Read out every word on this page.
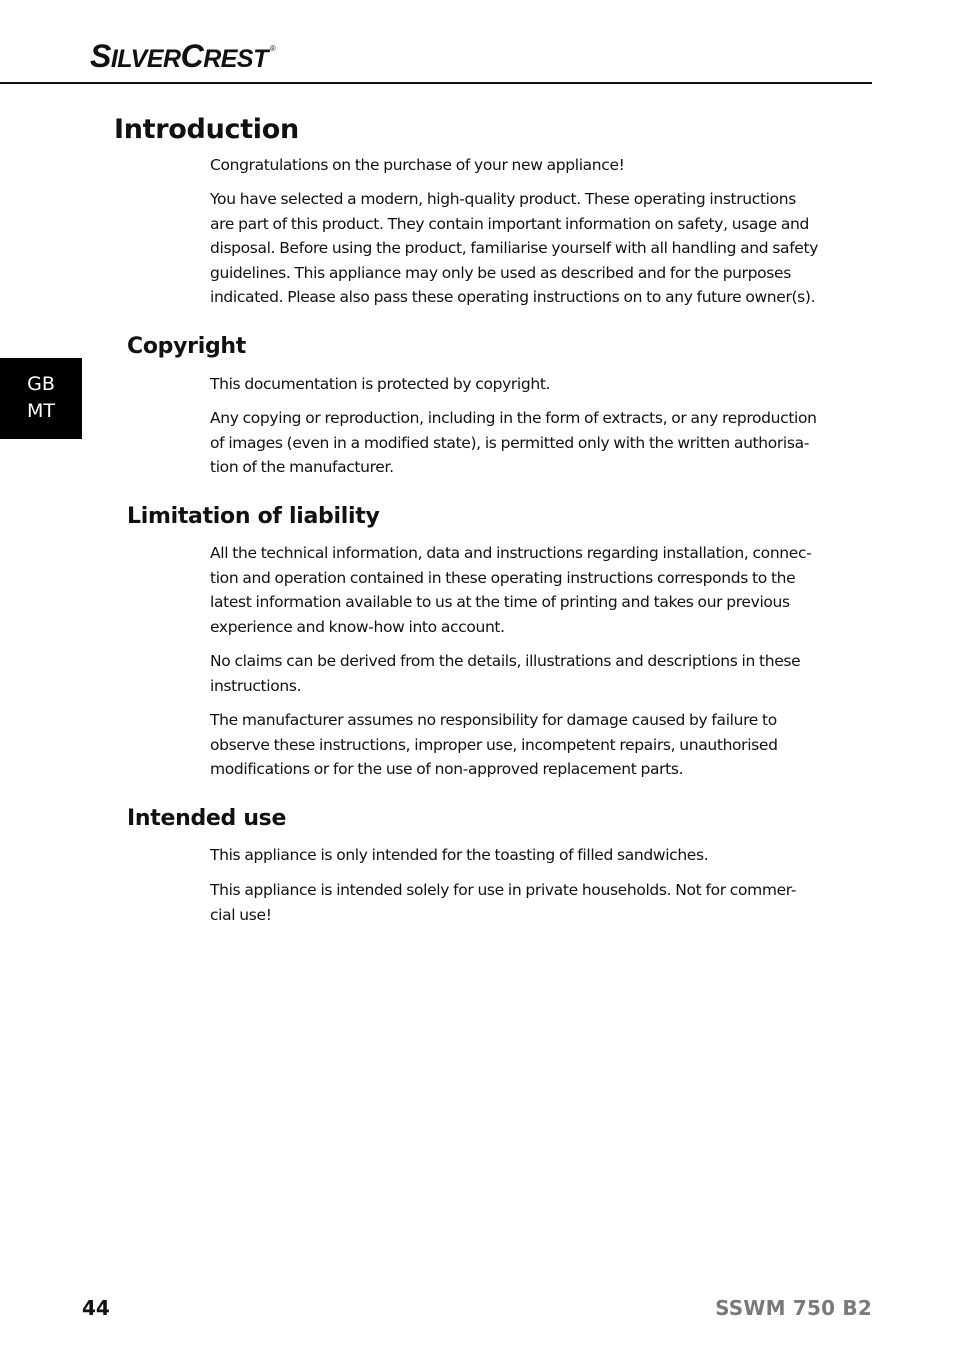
SILVERCREST ®
GB
MT
Introduction
Congratulations on the purchase of your new appliance!
You have selected a modern, high-quality product. These operating instructions
are part of this product. They contain important information on safety, usage and
disposal. Before using the product, familiarise yourself with all handling and safety
guidelines. This appliance may only be used as described and for the purposes
indicated. Please also pass these operating instructions on to any future owner(s).
Copyright
This documentation is protected by copyright.
Any copying or reproduction, including in the form of extracts, or any reproduction
of images (even in a modified state), is permitted only with the written authorisa-
tion of the manufacturer.
Limitation of liability
All the technical information, data and instructions regarding installation, connec-
tion and operation contained in these operating instructions corresponds to the
latest information available to us at the time of printing and takes our previous
experience and know-how into account.
No claims can be derived from the details, illustrations and descriptions in these
instructions.
The manufacturer assumes no responsibility for damage caused by failure to
observe these instructions, improper use, incompetent repairs, unauthorised
modifications or for the use of non-approved replacement parts.
Intended use
This appliance is only intended for the toasting of filled sandwiches.
This appliance is intended solely for use in private households. Not for commer-
cial use!
44	SSWM 750 B2
